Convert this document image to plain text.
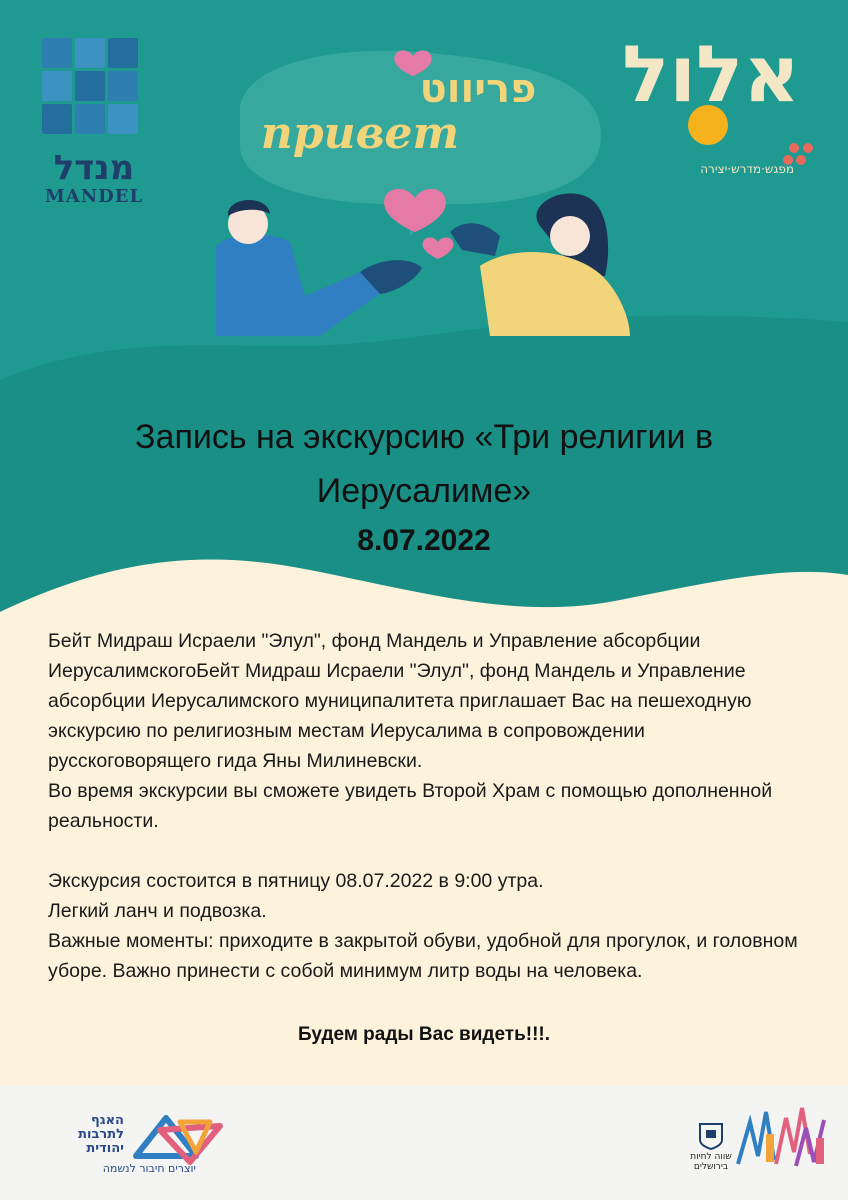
מנדל
MANDEL
אלול
מפגש·מדרש·יצירה
פריווט
привет
Запись на экскурсию «Три религии в
Иерусалиме»
8.07.2022

Бейт Мидраш Исраели "Элул", фонд Мандель и Управление абсорбции ИерусалимскогоБейт Мидраш Исраели "Элул", фонд Мандель и Управление абсорбции Иерусалимского муниципалитета приглашает Вас на пешеходную экскурсию по религиозным местам Иерусалима в сопровождении русскоговорящего гида Яны Милиневски.

Во время экскурсии вы сможете увидеть Второй Храм с помощью дополненной реальности.

Экскурсия состоится в пятницу 08.07.2022 в 9:00 утра.

Легкий ланч и подвозка.

Важные моменты: приходите в закрытой обуви, удобной для прогулок, и головном уборе. Важно принести с собой минимум литр воды на человека.

Будем рады Вас видеть!!!.
האגף
לתרבות
יהודית
יוצרים חיבור לנשמה
שווה לחיות
בירושלים
